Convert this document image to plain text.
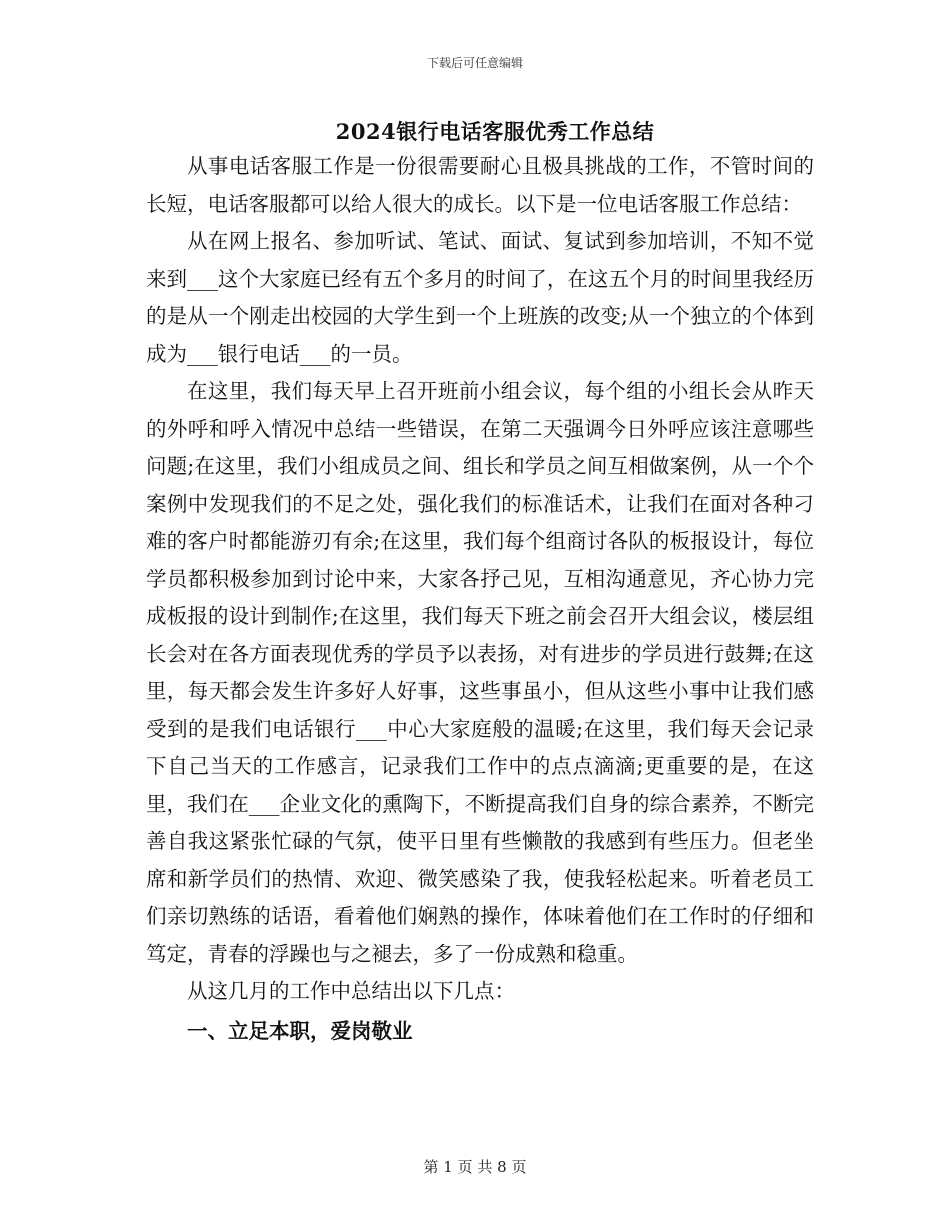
下载后可任意编辑
2024银行电话客服优秀工作总结

从事电话客服工作是一份很需要耐心且极具挑战的工作，不管时间的长短，电话客服都可以给人很大的成长。以下是一位电话客服工作总结：

从在网上报名、参加听试、笔试、面试、复试到参加培训，不知不觉来到___这个大家庭已经有五个多月的时间了，在这五个月的时间里我经历的是从一个刚走出校园的大学生到一个上班族的改变;从一个独立的个体到成为___银行电话___的一员。

在这里，我们每天早上召开班前小组会议，每个组的小组长会从昨天的外呼和呼入情况中总结一些错误，在第二天强调今日外呼应该注意哪些问题;在这里，我们小组成员之间、组长和学员之间互相做案例，从一个个案例中发现我们的不足之处，强化我们的标准话术，让我们在面对各种刁难的客户时都能游刃有余;在这里，我们每个组商讨各队的板报设计，每位学员都积极参加到讨论中来，大家各抒己见，互相沟通意见，齐心协力完成板报的设计到制作;在这里，我们每天下班之前会召开大组会议，楼层组长会对在各方面表现优秀的学员予以表扬，对有进步的学员进行鼓舞;在这里，每天都会发生许多好人好事，这些事虽小，但从这些小事中让我们感受到的是我们电话银行___中心大家庭般的温暖;在这里，我们每天会记录下自己当天的工作感言，记录我们工作中的点点滴滴;更重要的是，在这里，我们在___企业文化的熏陶下，不断提高我们自身的综合素养，不断完善自我这紧张忙碌的气氛，使平日里有些懒散的我感到有些压力。但老坐席和新学员们的热情、欢迎、微笑感染了我，使我轻松起来。听着老员工们亲切熟练的话语，看着他们娴熟的操作，体味着他们在工作时的仔细和笃定，青春的浮躁也与之褪去，多了一份成熟和稳重。

从这几月的工作中总结出以下几点：

一、立足本职，爱岗敬业

第 1 页 共 8 页
